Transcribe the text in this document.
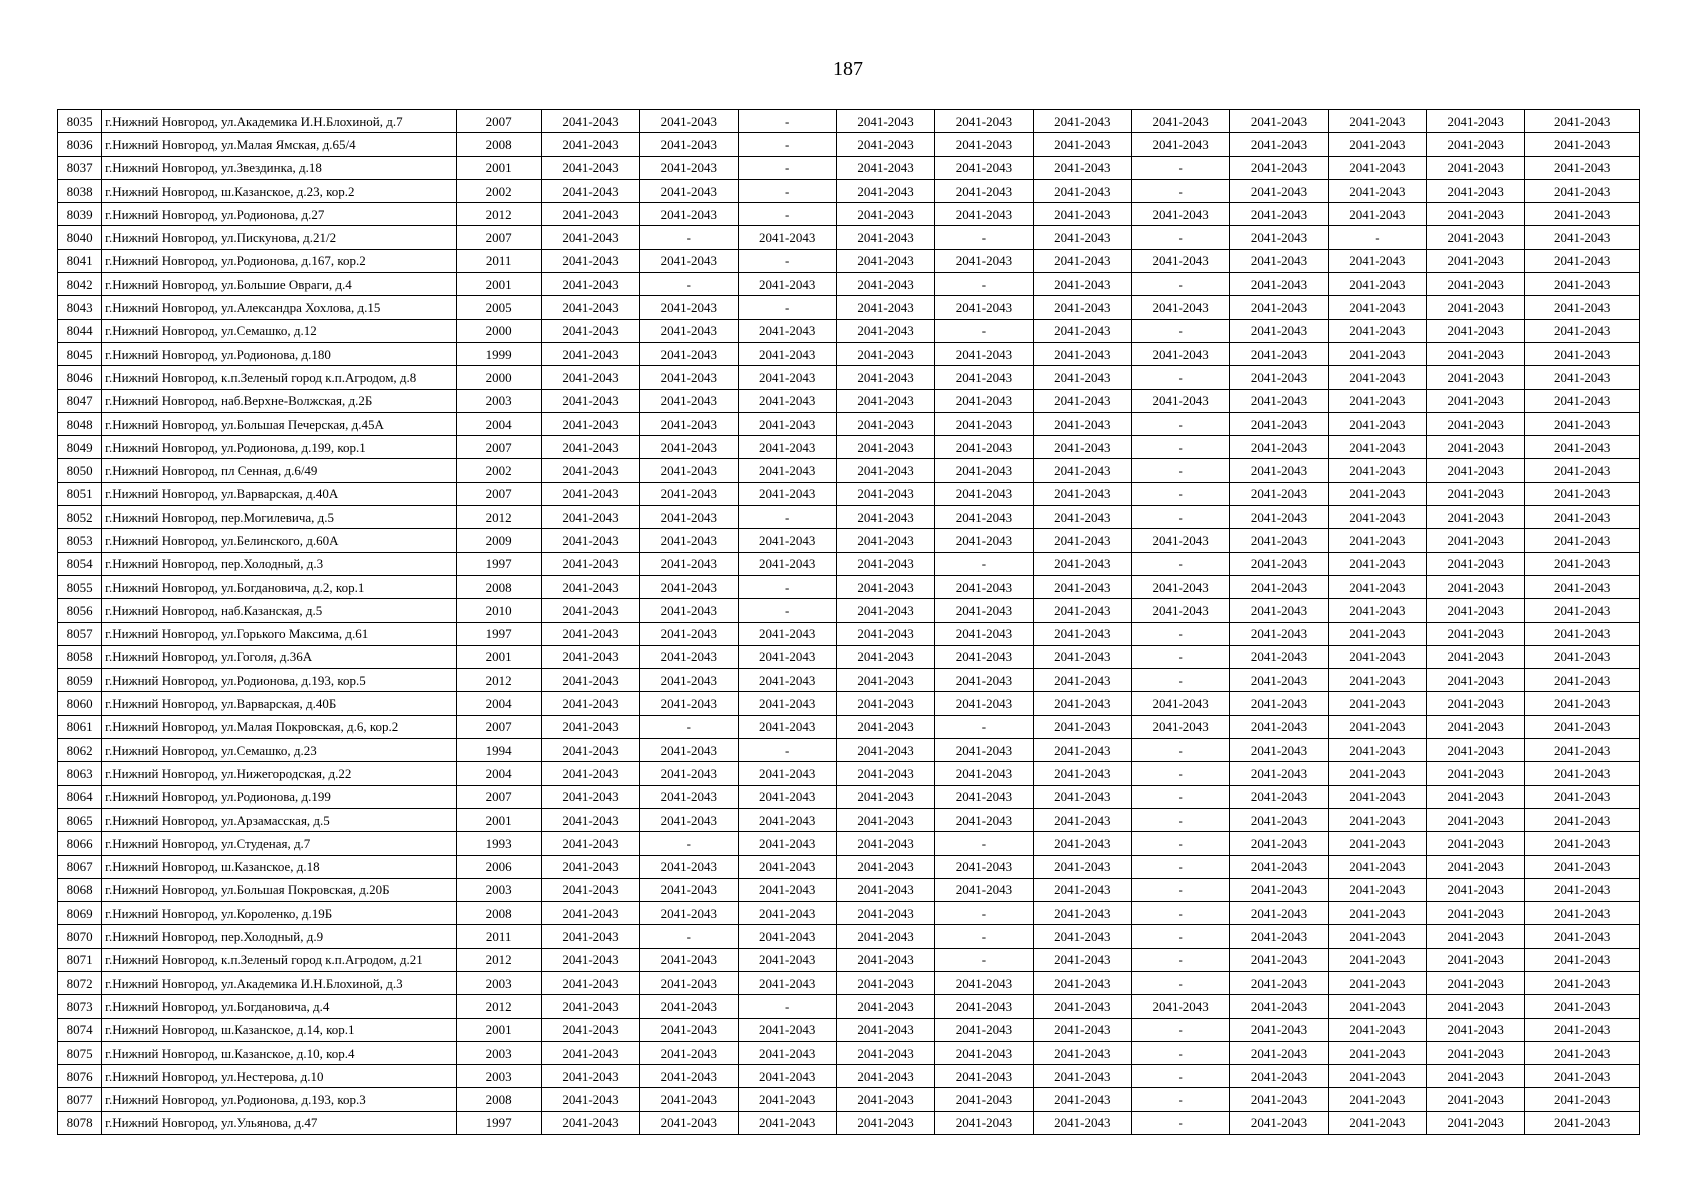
187
8035	г.Нижний Новгород, ул.Академика И.Н.Блохиной, д.7	2007	2041-2043	2041-2043	-	2041-2043	2041-2043	2041-2043	2041-2043	2041-2043	2041-2043	2041-2043	2041-2043
8036	г.Нижний Новгород, ул.Малая Ямская, д.65/4	2008	2041-2043	2041-2043	-	2041-2043	2041-2043	2041-2043	2041-2043	2041-2043	2041-2043	2041-2043	2041-2043
8037	г.Нижний Новгород, ул.Звездинка, д.18	2001	2041-2043	2041-2043	-	2041-2043	2041-2043	2041-2043	-	2041-2043	2041-2043	2041-2043	2041-2043
8038	г.Нижний Новгород, ш.Казанское, д.23, кор.2	2002	2041-2043	2041-2043	-	2041-2043	2041-2043	2041-2043	-	2041-2043	2041-2043	2041-2043	2041-2043
8039	г.Нижний Новгород, ул.Родионова, д.27	2012	2041-2043	2041-2043	-	2041-2043	2041-2043	2041-2043	2041-2043	2041-2043	2041-2043	2041-2043	2041-2043
8040	г.Нижний Новгород, ул.Пискунова, д.21/2	2007	2041-2043	-	2041-2043	2041-2043	-	2041-2043	-	2041-2043	-	2041-2043	2041-2043
8041	г.Нижний Новгород, ул.Родионова, д.167, кор.2	2011	2041-2043	2041-2043	-	2041-2043	2041-2043	2041-2043	2041-2043	2041-2043	2041-2043	2041-2043	2041-2043
8042	г.Нижний Новгород, ул.Большие Овраги, д.4	2001	2041-2043	-	2041-2043	2041-2043	-	2041-2043	-	2041-2043	2041-2043	2041-2043	2041-2043
8043	г.Нижний Новгород, ул.Александра Хохлова, д.15	2005	2041-2043	2041-2043	-	2041-2043	2041-2043	2041-2043	2041-2043	2041-2043	2041-2043	2041-2043	2041-2043
8044	г.Нижний Новгород, ул.Семашко, д.12	2000	2041-2043	2041-2043	2041-2043	2041-2043	-	2041-2043	-	2041-2043	2041-2043	2041-2043	2041-2043
8045	г.Нижний Новгород, ул.Родионова, д.180	1999	2041-2043	2041-2043	2041-2043	2041-2043	2041-2043	2041-2043	2041-2043	2041-2043	2041-2043	2041-2043	2041-2043
8046	г.Нижний Новгород, к.п.Зеленый город к.п.Агродом, д.8	2000	2041-2043	2041-2043	2041-2043	2041-2043	2041-2043	2041-2043	-	2041-2043	2041-2043	2041-2043	2041-2043
8047	г.Нижний Новгород, наб.Верхне-Волжская, д.2Б	2003	2041-2043	2041-2043	2041-2043	2041-2043	2041-2043	2041-2043	2041-2043	2041-2043	2041-2043	2041-2043	2041-2043
8048	г.Нижний Новгород, ул.Большая Печерская, д.45А	2004	2041-2043	2041-2043	2041-2043	2041-2043	2041-2043	2041-2043	-	2041-2043	2041-2043	2041-2043	2041-2043
8049	г.Нижний Новгород, ул.Родионова, д.199, кор.1	2007	2041-2043	2041-2043	2041-2043	2041-2043	2041-2043	2041-2043	-	2041-2043	2041-2043	2041-2043	2041-2043
8050	г.Нижний Новгород, пл Сенная, д.6/49	2002	2041-2043	2041-2043	2041-2043	2041-2043	2041-2043	2041-2043	-	2041-2043	2041-2043	2041-2043	2041-2043
8051	г.Нижний Новгород, ул.Варварская, д.40А	2007	2041-2043	2041-2043	2041-2043	2041-2043	2041-2043	2041-2043	-	2041-2043	2041-2043	2041-2043	2041-2043
8052	г.Нижний Новгород, пер.Могилевича, д.5	2012	2041-2043	2041-2043	-	2041-2043	2041-2043	2041-2043	-	2041-2043	2041-2043	2041-2043	2041-2043
8053	г.Нижний Новгород, ул.Белинского, д.60А	2009	2041-2043	2041-2043	2041-2043	2041-2043	2041-2043	2041-2043	2041-2043	2041-2043	2041-2043	2041-2043	2041-2043
8054	г.Нижний Новгород, пер.Холодный, д.3	1997	2041-2043	2041-2043	2041-2043	2041-2043	-	2041-2043	-	2041-2043	2041-2043	2041-2043	2041-2043
8055	г.Нижний Новгород, ул.Богдановича, д.2, кор.1	2008	2041-2043	2041-2043	-	2041-2043	2041-2043	2041-2043	2041-2043	2041-2043	2041-2043	2041-2043	2041-2043
8056	г.Нижний Новгород, наб.Казанская, д.5	2010	2041-2043	2041-2043	-	2041-2043	2041-2043	2041-2043	2041-2043	2041-2043	2041-2043	2041-2043	2041-2043
8057	г.Нижний Новгород, ул.Горького Максима, д.61	1997	2041-2043	2041-2043	2041-2043	2041-2043	2041-2043	2041-2043	-	2041-2043	2041-2043	2041-2043	2041-2043
8058	г.Нижний Новгород, ул.Гоголя, д.36А	2001	2041-2043	2041-2043	2041-2043	2041-2043	2041-2043	2041-2043	-	2041-2043	2041-2043	2041-2043	2041-2043
8059	г.Нижний Новгород, ул.Родионова, д.193, кор.5	2012	2041-2043	2041-2043	2041-2043	2041-2043	2041-2043	2041-2043	-	2041-2043	2041-2043	2041-2043	2041-2043
8060	г.Нижний Новгород, ул.Варварская, д.40Б	2004	2041-2043	2041-2043	2041-2043	2041-2043	2041-2043	2041-2043	2041-2043	2041-2043	2041-2043	2041-2043	2041-2043
8061	г.Нижний Новгород, ул.Малая Покровская, д.6, кор.2	2007	2041-2043	-	2041-2043	2041-2043	-	2041-2043	2041-2043	2041-2043	2041-2043	2041-2043	2041-2043
8062	г.Нижний Новгород, ул.Семашко, д.23	1994	2041-2043	2041-2043	-	2041-2043	2041-2043	2041-2043	-	2041-2043	2041-2043	2041-2043	2041-2043
8063	г.Нижний Новгород, ул.Нижегородская, д.22	2004	2041-2043	2041-2043	2041-2043	2041-2043	2041-2043	2041-2043	-	2041-2043	2041-2043	2041-2043	2041-2043
8064	г.Нижний Новгород, ул.Родионова, д.199	2007	2041-2043	2041-2043	2041-2043	2041-2043	2041-2043	2041-2043	-	2041-2043	2041-2043	2041-2043	2041-2043
8065	г.Нижний Новгород, ул.Арзамасская, д.5	2001	2041-2043	2041-2043	2041-2043	2041-2043	2041-2043	2041-2043	-	2041-2043	2041-2043	2041-2043	2041-2043
8066	г.Нижний Новгород, ул.Студеная, д.7	1993	2041-2043	-	2041-2043	2041-2043	-	2041-2043	-	2041-2043	2041-2043	2041-2043	2041-2043
8067	г.Нижний Новгород, ш.Казанское, д.18	2006	2041-2043	2041-2043	2041-2043	2041-2043	2041-2043	2041-2043	-	2041-2043	2041-2043	2041-2043	2041-2043
8068	г.Нижний Новгород, ул.Большая Покровская, д.20Б	2003	2041-2043	2041-2043	2041-2043	2041-2043	2041-2043	2041-2043	-	2041-2043	2041-2043	2041-2043	2041-2043
8069	г.Нижний Новгород, ул.Короленко, д.19Б	2008	2041-2043	2041-2043	2041-2043	2041-2043	-	2041-2043	-	2041-2043	2041-2043	2041-2043	2041-2043
8070	г.Нижний Новгород, пер.Холодный, д.9	2011	2041-2043	-	2041-2043	2041-2043	-	2041-2043	-	2041-2043	2041-2043	2041-2043	2041-2043
8071	г.Нижний Новгород, к.п.Зеленый город к.п.Агродом, д.21	2012	2041-2043	2041-2043	2041-2043	2041-2043	-	2041-2043	-	2041-2043	2041-2043	2041-2043	2041-2043
8072	г.Нижний Новгород, ул.Академика И.Н.Блохиной, д.3	2003	2041-2043	2041-2043	2041-2043	2041-2043	2041-2043	2041-2043	-	2041-2043	2041-2043	2041-2043	2041-2043
8073	г.Нижний Новгород, ул.Богдановича, д.4	2012	2041-2043	2041-2043	-	2041-2043	2041-2043	2041-2043	2041-2043	2041-2043	2041-2043	2041-2043	2041-2043
8074	г.Нижний Новгород, ш.Казанское, д.14, кор.1	2001	2041-2043	2041-2043	2041-2043	2041-2043	2041-2043	2041-2043	-	2041-2043	2041-2043	2041-2043	2041-2043
8075	г.Нижний Новгород, ш.Казанское, д.10, кор.4	2003	2041-2043	2041-2043	2041-2043	2041-2043	2041-2043	2041-2043	-	2041-2043	2041-2043	2041-2043	2041-2043
8076	г.Нижний Новгород, ул.Нестерова, д.10	2003	2041-2043	2041-2043	2041-2043	2041-2043	2041-2043	2041-2043	-	2041-2043	2041-2043	2041-2043	2041-2043
8077	г.Нижний Новгород, ул.Родионова, д.193, кор.3	2008	2041-2043	2041-2043	2041-2043	2041-2043	2041-2043	2041-2043	-	2041-2043	2041-2043	2041-2043	2041-2043
8078	г.Нижний Новгород, ул.Ульянова, д.47	1997	2041-2043	2041-2043	2041-2043	2041-2043	2041-2043	2041-2043	-	2041-2043	2041-2043	2041-2043	2041-2043
